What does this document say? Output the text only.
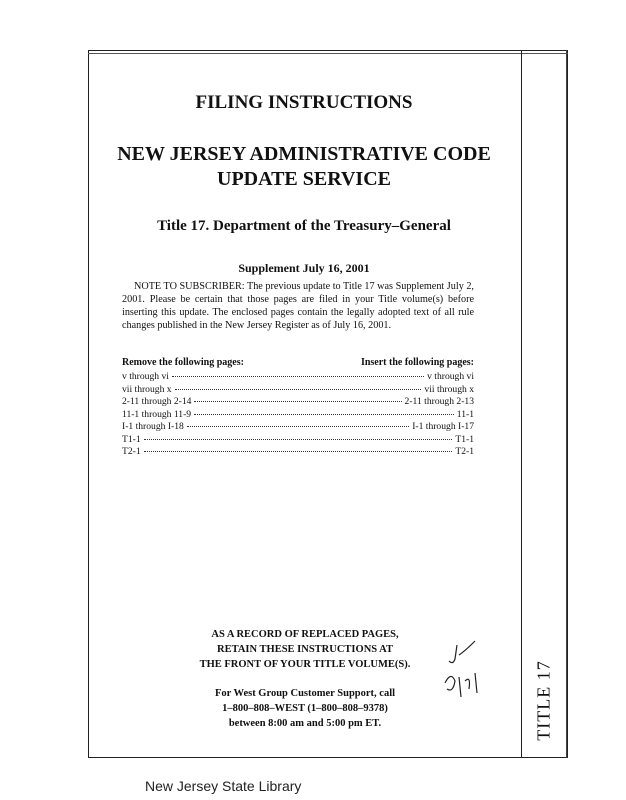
TITLE 17
FILING INSTRUCTIONS
NEW JERSEY ADMINISTRATIVE CODE
UPDATE SERVICE
Title 17. Department of the Treasury–General
Supplement July 16, 2001
NOTE TO SUBSCRIBER: The previous update to Title 17 was Supplement July 2, 2001. Please be certain that those pages are filed in your Title volume(s) before inserting this update. The enclosed pages contain the legally adopted text of all rule changes published in the New Jersey Register as of July 16, 2001.
Remove the following pages:	Insert the following pages:
v through vi	v through vi
vii through x	vii through x
2-11 through 2-14	2-11 through 2-13
11-1 through 11-9	11-1
I-1 through I-18	I-1 through I-17
T1-1	T1-1
T2-1	T2-1
AS A RECORD OF REPLACED PAGES,
RETAIN THESE INSTRUCTIONS AT
THE FRONT OF YOUR TITLE VOLUME(S).
For West Group Customer Support, call
1–800–808–WEST (1–800–808–9378)
between 8:00 am and 5:00 pm ET.
New Jersey State Library
